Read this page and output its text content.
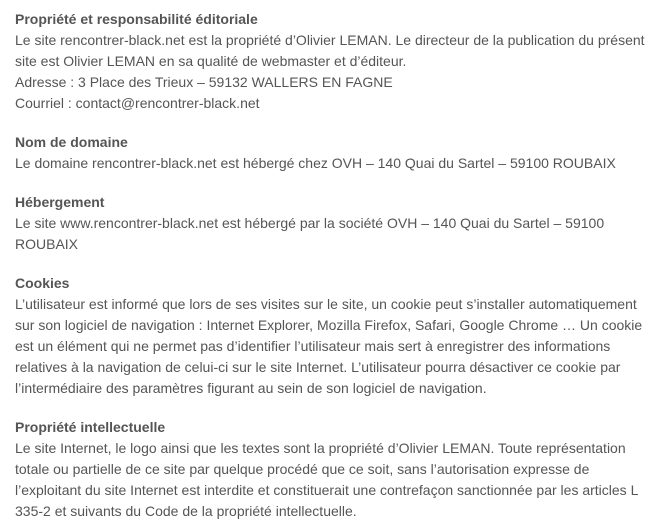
Propriété et responsabilité éditoriale
Le site rencontrer-black.net est la propriété d’Olivier LEMAN. Le directeur de la publication du présent
site est Olivier LEMAN en sa qualité de webmaster et d’éditeur.
Adresse : 3 Place des Trieux – 59132 WALLERS EN FAGNE
Courriel : contact@rencontrer-black.net
Nom de domaine
Le domaine rencontrer-black.net est hébergé chez OVH – 140 Quai du Sartel – 59100 ROUBAIX
Hébergement
Le site www.rencontrer-black.net est hébergé par la société OVH – 140 Quai du Sartel – 59100
ROUBAIX
Cookies
L’utilisateur est informé que lors de ses visites sur le site, un cookie peut s’installer automatiquement
sur son logiciel de navigation : Internet Explorer, Mozilla Firefox, Safari, Google Chrome … Un cookie
est un élément qui ne permet pas d’identifier l’utilisateur mais sert à enregistrer des informations
relatives à la navigation de celui-ci sur le site Internet. L’utilisateur pourra désactiver ce cookie par
l’intermédiaire des paramètres figurant au sein de son logiciel de navigation.
Propriété intellectuelle
Le site Internet, le logo ainsi que les textes sont la propriété d’Olivier LEMAN. Toute représentation
totale ou partielle de ce site par quelque procédé que ce soit, sans l’autorisation expresse de
l’exploitant du site Internet est interdite et constituerait une contrefaçon sanctionnée par les articles L
335-2 et suivants du Code de la propriété intellectuelle.
